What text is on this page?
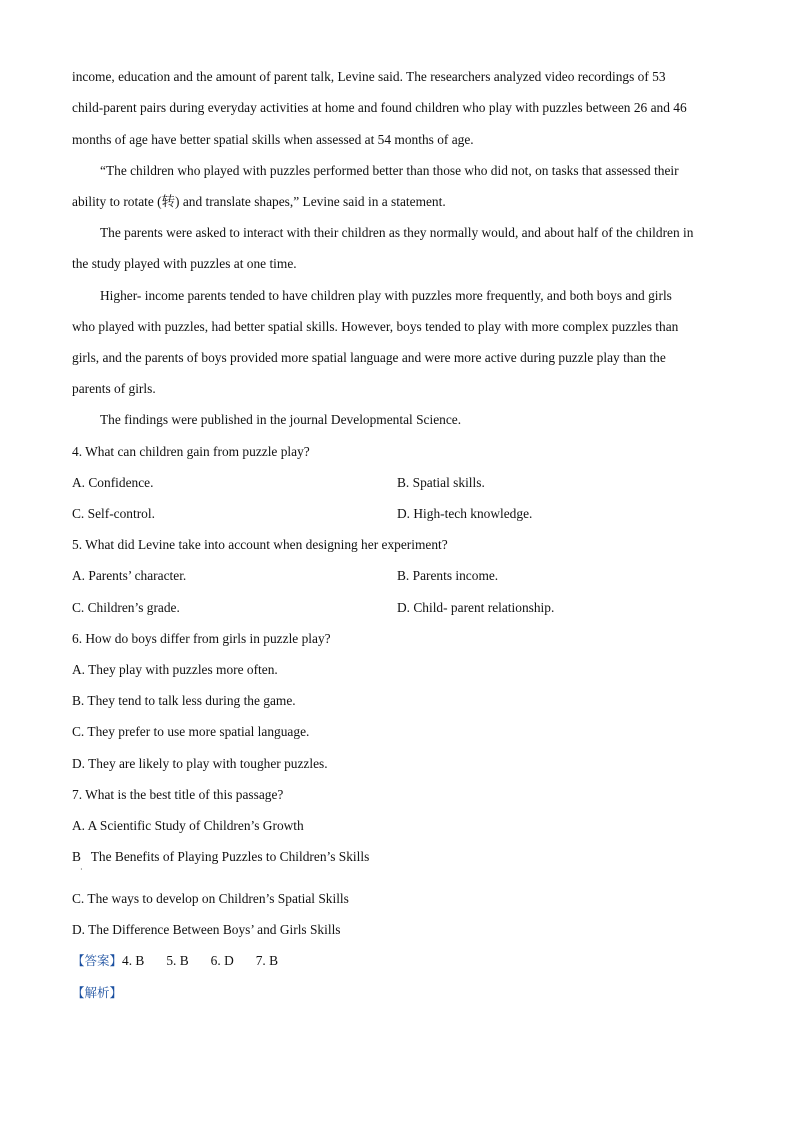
income, education and the amount of parent talk, Levine said. The researchers analyzed video recordings of 53
child-parent pairs during everyday activities at home and found children who play with puzzles between 26 and 46
months of age have better spatial skills when assessed at 54 months of age.
“The children who played with puzzles performed better than those who did not, on tasks that assessed their
ability to rotate (转) and translate shapes,” Levine said in a statement.
The parents were asked to interact with their children as they normally would, and about half of the children in
the study played with puzzles at one time.
Higher- income parents tended to have children play with puzzles more frequently, and both boys and girls
who played with puzzles, had better spatial skills. However, boys tended to play with more complex puzzles than
girls, and the parents of boys provided more spatial language and were more active during puzzle play than the
parents of girls.
The findings were published in the journal Developmental Science.
4. What can children gain from puzzle play?
A. Confidence.	B. Spatial skills.
C. Self-control.	D. High-tech knowledge.
5. What did Levine take into account when designing her experiment?
A. Parents’ character.	B. Parents income.
C. Children’s grade.	D. Child- parent relationship.
6. How do boys differ from girls in puzzle play?
A. They play with puzzles more often.
B. They tend to talk less during the game.
C. They prefer to use more spatial language.
D. They are likely to play with tougher puzzles.
7. What is the best title of this passage?
A. A Scientific Study of Children’s Growth
B   The Benefits of Playing Puzzles to Children’s Skills
·
C. The ways to develop on Children’s Spatial Skills
D. The Difference Between Boys’ and Girls Skills
【答案】4. B 5. B 6. D 7. B
【解析】
